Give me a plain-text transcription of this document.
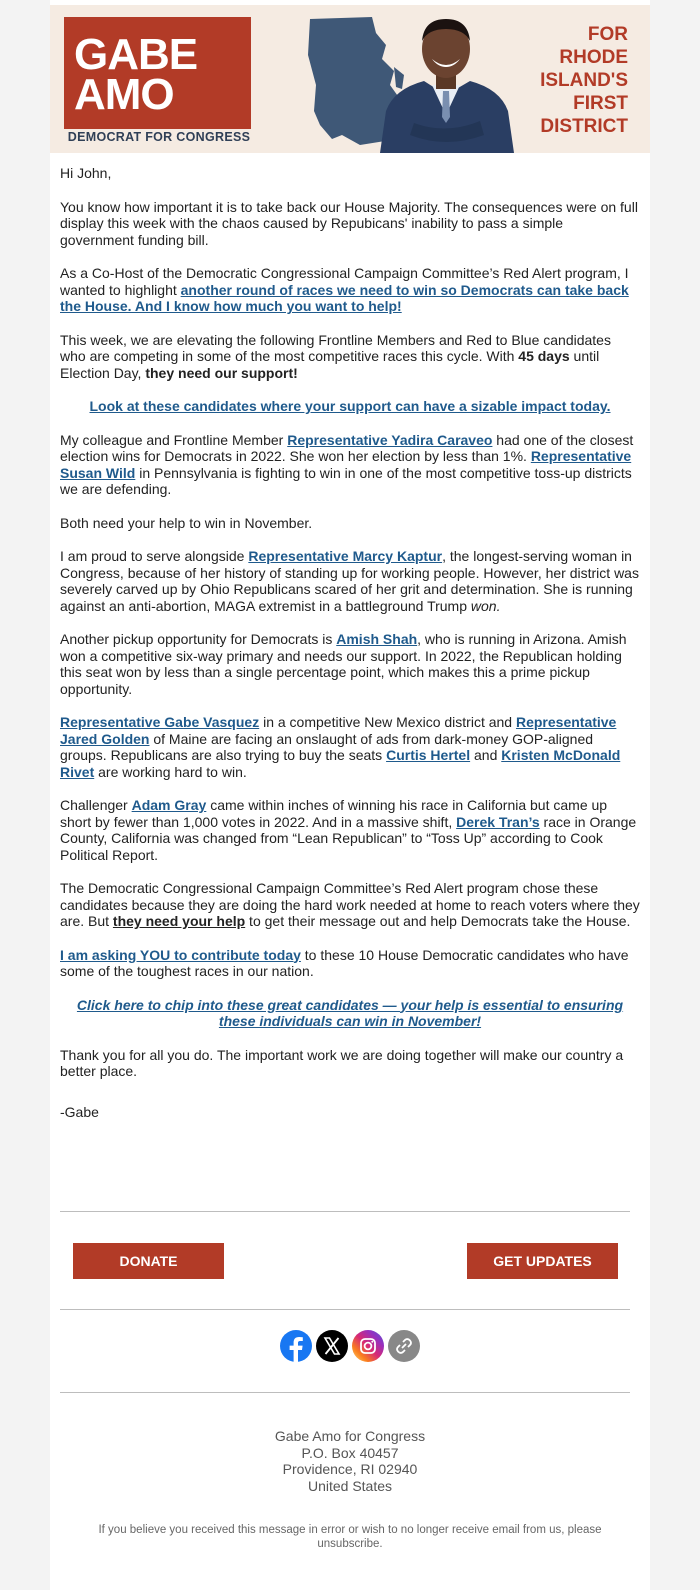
GABE
AMO
DEMOCRAT FOR CONGRESS
FOR
RHODE
ISLAND'S
FIRST
DISTRICT

Hi John,

You know how important it is to take back our House Majority. The consequences were on full display this week with the chaos caused by Repubicans' inability to pass a simple government funding bill.

As a Co-Host of the Democratic Congressional Campaign Committee’s Red Alert program, I wanted to highlight another round of races we need to win so Democrats can take back the House. And I know how much you want to help!

This week, we are elevating the following Frontline Members and Red to Blue candidates who are competing in some of the most competitive races this cycle. With 45 days until Election Day, they need our support!

Look at these candidates where your support can have a sizable impact today.

My colleague and Frontline Member Representative Yadira Caraveo had one of the closest election wins for Democrats in 2022. She won her election by less than 1%. Representative Susan Wild in Pennsylvania is fighting to win in one of the most competitive toss-up districts we are defending.

Both need your help to win in November.

I am proud to serve alongside Representative Marcy Kaptur, the longest-serving woman in Congress, because of her history of standing up for working people. However, her district was severely carved up by Ohio Republicans scared of her grit and determination. She is running against an anti-abortion, MAGA extremist in a battleground Trump won.

Another pickup opportunity for Democrats is Amish Shah, who is running in Arizona. Amish won a competitive six-way primary and needs our support. In 2022, the Republican holding this seat won by less than a single percentage point, which makes this a prime pickup opportunity.

Representative Gabe Vasquez in a competitive New Mexico district and Representative Jared Golden of Maine are facing an onslaught of ads from dark-money GOP-aligned groups. Republicans are also trying to buy the seats Curtis Hertel and Kristen McDonald Rivet are working hard to win.

Challenger Adam Gray came within inches of winning his race in California but came up short by fewer than 1,000 votes in 2022. And in a massive shift, Derek Tran’s race in Orange County, California was changed from “Lean Republican” to “Toss Up” according to Cook Political Report.

The Democratic Congressional Campaign Committee’s Red Alert program chose these candidates because they are doing the hard work needed at home to reach voters where they are. But they need your help to get their message out and help Democrats take the House.

I am asking YOU to contribute today to these 10 House Democratic candidates who have some of the toughest races in our nation.

Click here to chip into these great candidates — your help is essential to ensuring these individuals can win in November!

Thank you for all you do. The important work we are doing together will make our country a better place.

-Gabe

DONATE	GET UPDATES
Gabe Amo for Congress
P.O. Box 40457
Providence, RI 02940
United States
If you believe you received this message in error or wish to no longer receive email from us, please unsubscribe.
